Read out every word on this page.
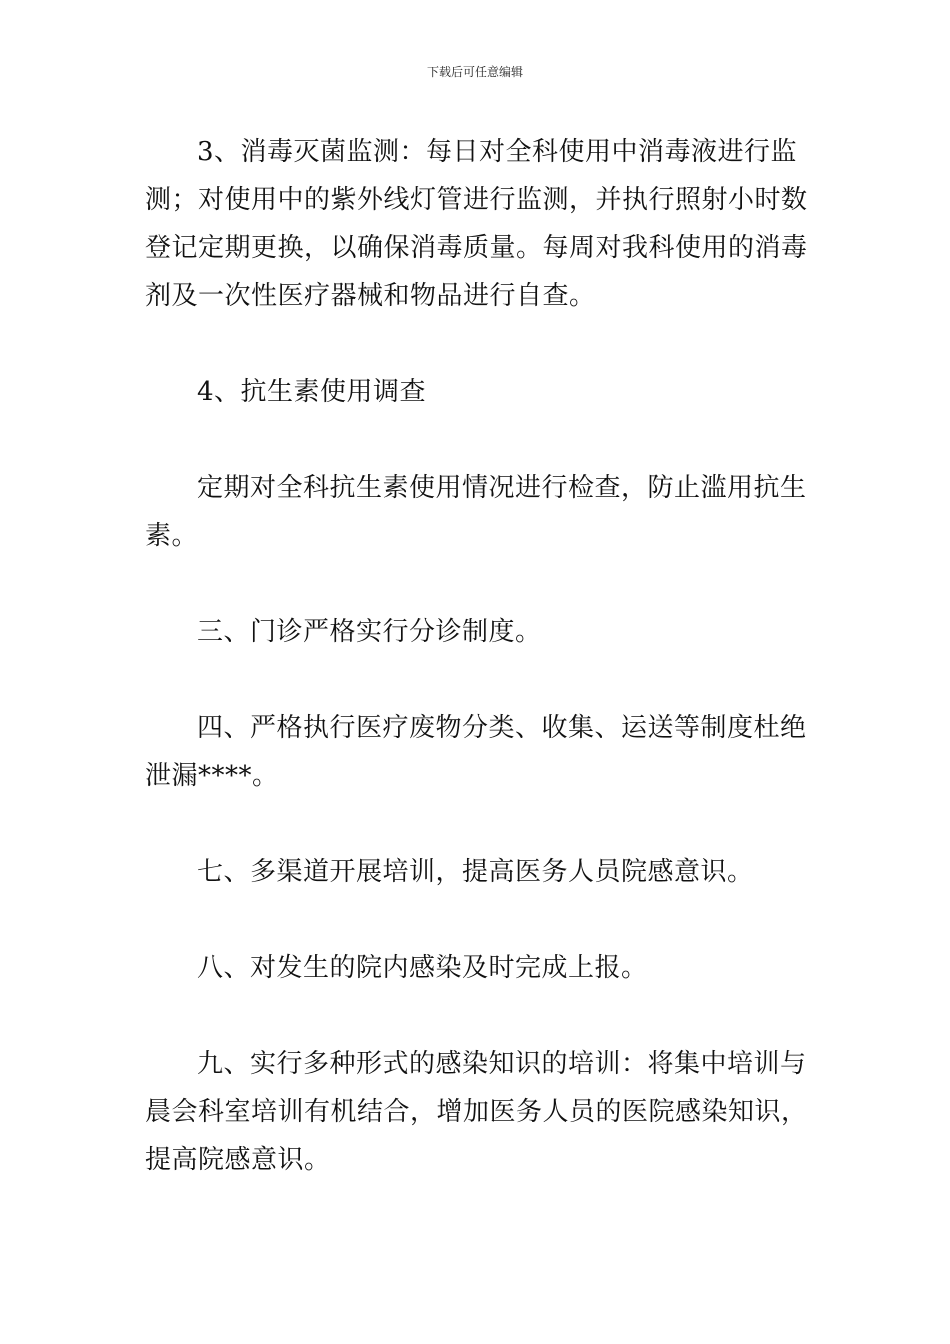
下载后可任意编辑

3、消毒灭菌监测：每日对全科使用中消毒液进行监测；对使用中的紫外线灯管进行监测，并执行照射小时数登记定期更换，以确保消毒质量。每周对我科使用的消毒剂及一次性医疗器械和物品进行自查。

4、抗生素使用调查

定期对全科抗生素使用情况进行检查，防止滥用抗生素。

三、门诊严格实行分诊制度。

四、严格执行医疗废物分类、收集、运送等制度杜绝泄漏****。

七、多渠道开展培训，提高医务人员院感意识。

八、对发生的院内感染及时完成上报。

九、实行多种形式的感染知识的培训：将集中培训与晨会科室培训有机结合，增加医务人员的医院感染知识，提高院感意识。
